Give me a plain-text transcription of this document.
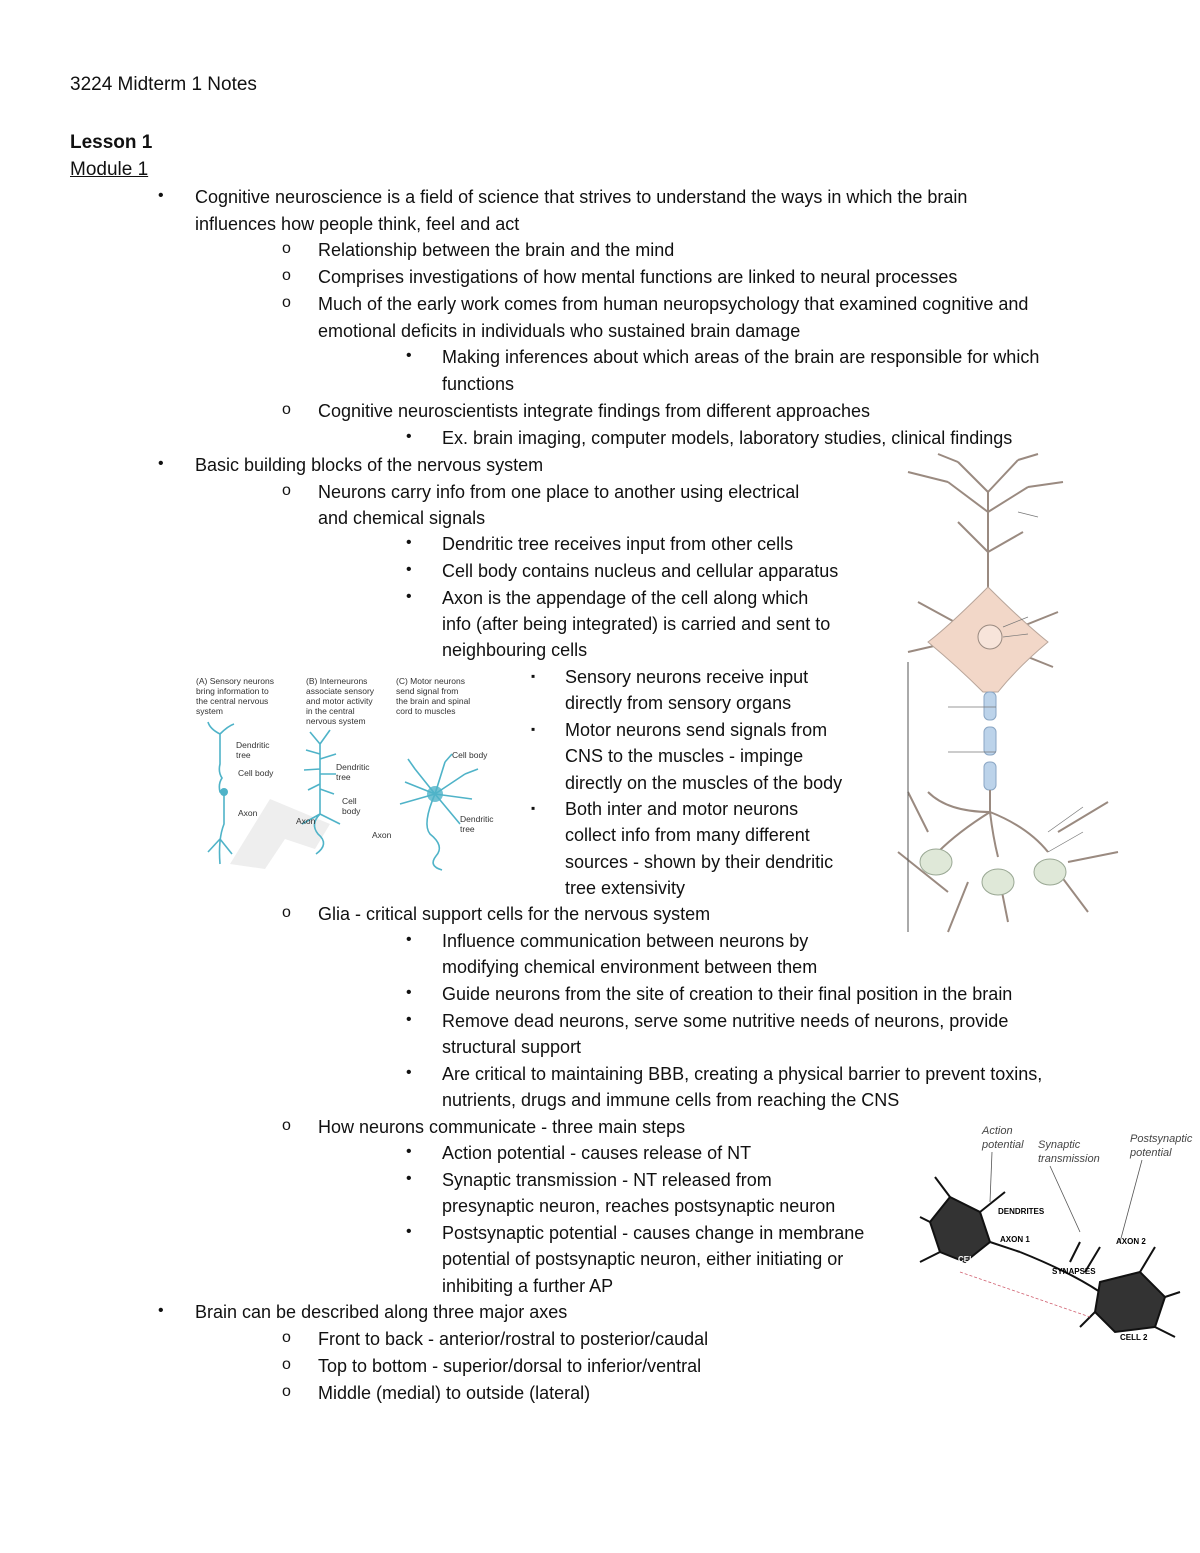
3224 Midterm 1 Notes
Lesson 1
Module 1
•
o
o
o
•
o
•
•
o
•
•
•
▪
▪
▪
o
•
•
•
•
o
•
•
•
•
o
o
o
Cognitive neuroscience is a field of science that strives to understand the ways in which the brain
influences how people think, feel and act
Relationship between the brain and the mind
Comprises investigations of how mental functions are linked to neural processes
Much of the early work comes from human neuropsychology that examined cognitive and
emotional deficits in individuals who sustained brain damage
Making inferences about which areas of the brain are responsible for which
functions
Cognitive neuroscientists integrate findings from different approaches
Ex. brain imaging, computer models, laboratory studies, clinical findings
Basic building blocks of the nervous system
Neurons carry info from one place to another using electrical
and chemical signals
Dendritic tree receives input from other cells
Cell body contains nucleus and cellular apparatus
Axon is the appendage of the cell along which
info (after being integrated) is carried and sent to
neighbouring cells
Sensory neurons receive input
directly from sensory organs
Motor neurons send signals from
CNS to the muscles - impinge
directly on the muscles of the body
Both inter and motor neurons
collect info from many different
sources - shown by their dendritic
tree extensivity
Glia - critical support cells for the nervous system
Influence communication between neurons by
modifying chemical environment between them
Guide neurons from the site of creation to their final position in the brain
Remove dead neurons, serve some nutritive needs of neurons, provide
structural support
Are critical to maintaining BBB, creating a physical barrier to prevent toxins,
nutrients, drugs and immune cells from reaching the CNS
How neurons communicate - three main steps
Action potential - causes release of NT
Synaptic transmission - NT released from
presynaptic neuron, reaches postsynaptic neuron
Postsynaptic potential - causes change in membrane
potential of postsynaptic neuron, either initiating or
inhibiting a further AP
Brain can be described along three major axes
Front to back - anterior/rostral to posterior/caudal
Top to bottom - superior/dorsal to inferior/ventral
Middle (medial) to outside (lateral)
(A) Sensory neurons
bring information to
the central nervous
system
(B) Interneurons
associate sensory
and motor activity
in the central
nervous system
(C) Motor neurons
send signal from
the brain and spinal
cord to muscles
Dendritic
tree
Cell body
Axon
Dendritic
tree
Cell
body
Axon
Cell body
Dendritic
tree
Axon
Action
potential Synaptic
transmission
Postsynaptic
potential
DENDRITES
AXON 1	AXON 2
CELL 1
SYNAPSES
CELL 2
